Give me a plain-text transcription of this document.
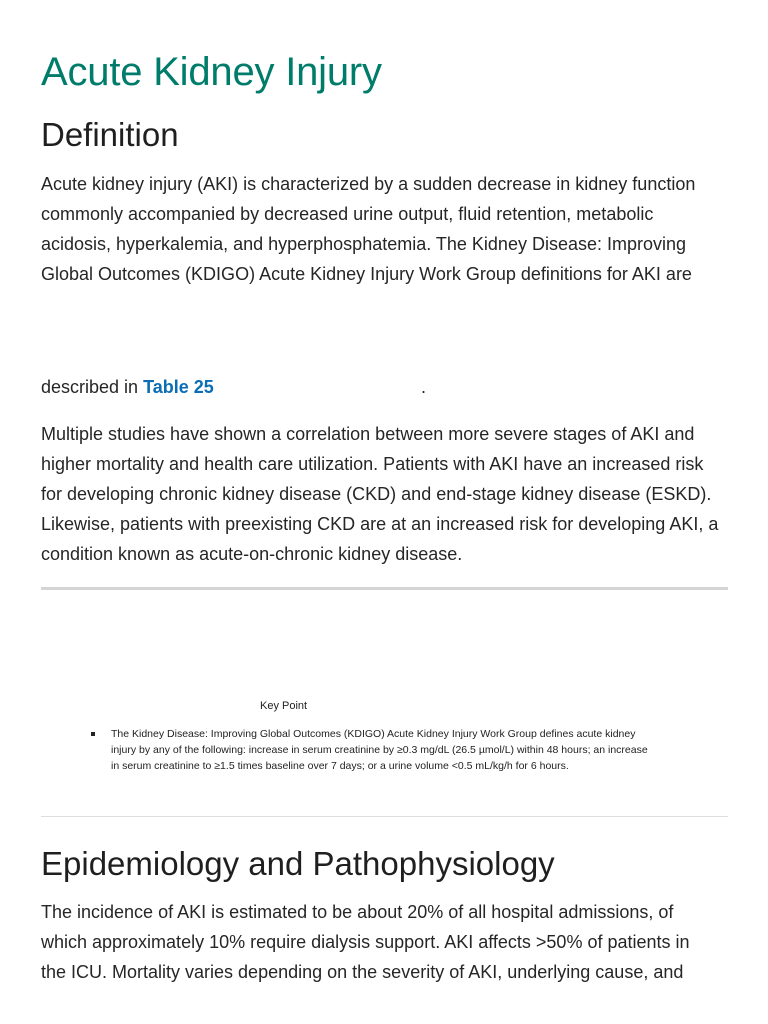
Acute Kidney Injury
Definition

Acute kidney injury (AKI) is characterized by a sudden decrease in kidney function
commonly accompanied by decreased urine output, fluid retention, metabolic
acidosis, hyperkalemia, and hyperphosphatemia. The Kidney Disease: Improving
Global Outcomes (KDIGO) Acute Kidney Injury Work Group definitions for AKI are

described in Table 25	.

Multiple studies have shown a correlation between more severe stages of AKI and
higher mortality and health care utilization. Patients with AKI have an increased risk
for developing chronic kidney disease (CKD) and end-stage kidney disease (ESKD).
Likewise, patients with preexisting CKD are at an increased risk for developing AKI, a
condition known as acute-on-chronic kidney disease.

Key Point
The Kidney Disease: Improving Global Outcomes (KDIGO) Acute Kidney Injury Work Group defines acute kidney
injury by any of the following: increase in serum creatinine by ≥0.3 mg/dL (26.5 µmol/L) within 48 hours; an increase
in serum creatinine to ≥1.5 times baseline over 7 days; or a urine volume <0.5 mL/kg/h for 6 hours.
Epidemiology and Pathophysiology

The incidence of AKI is estimated to be about 20% of all hospital admissions, of
which approximately 10% require dialysis support. AKI affects >50% of patients in
the ICU. Mortality varies depending on the severity of AKI, underlying cause, and
